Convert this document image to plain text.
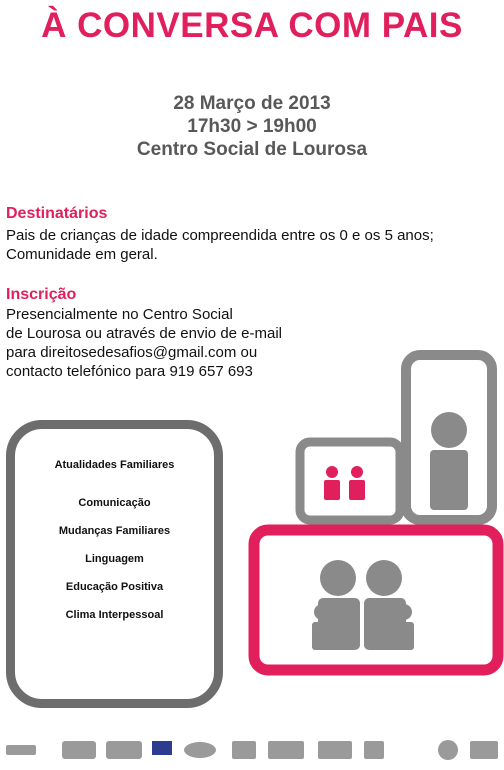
À CONVERSA COM PAIS
28 Março de 2013
17h30 > 19h00
Centro Social de Lourosa
Destinatários
Pais de crianças de idade compreendida entre os 0 e os 5 anos;
Comunidade em geral.
Inscrição
Presencialmente no Centro Social
de Lourosa ou através de envio de e-mail
para direitosedesafios@gmail.com ou
contacto telefónico para 919 657 693
Atualidades Familiares
Comunicação
Mudanças Familiares
Linguagem
Educação Positiva
Clima Interpessoal
